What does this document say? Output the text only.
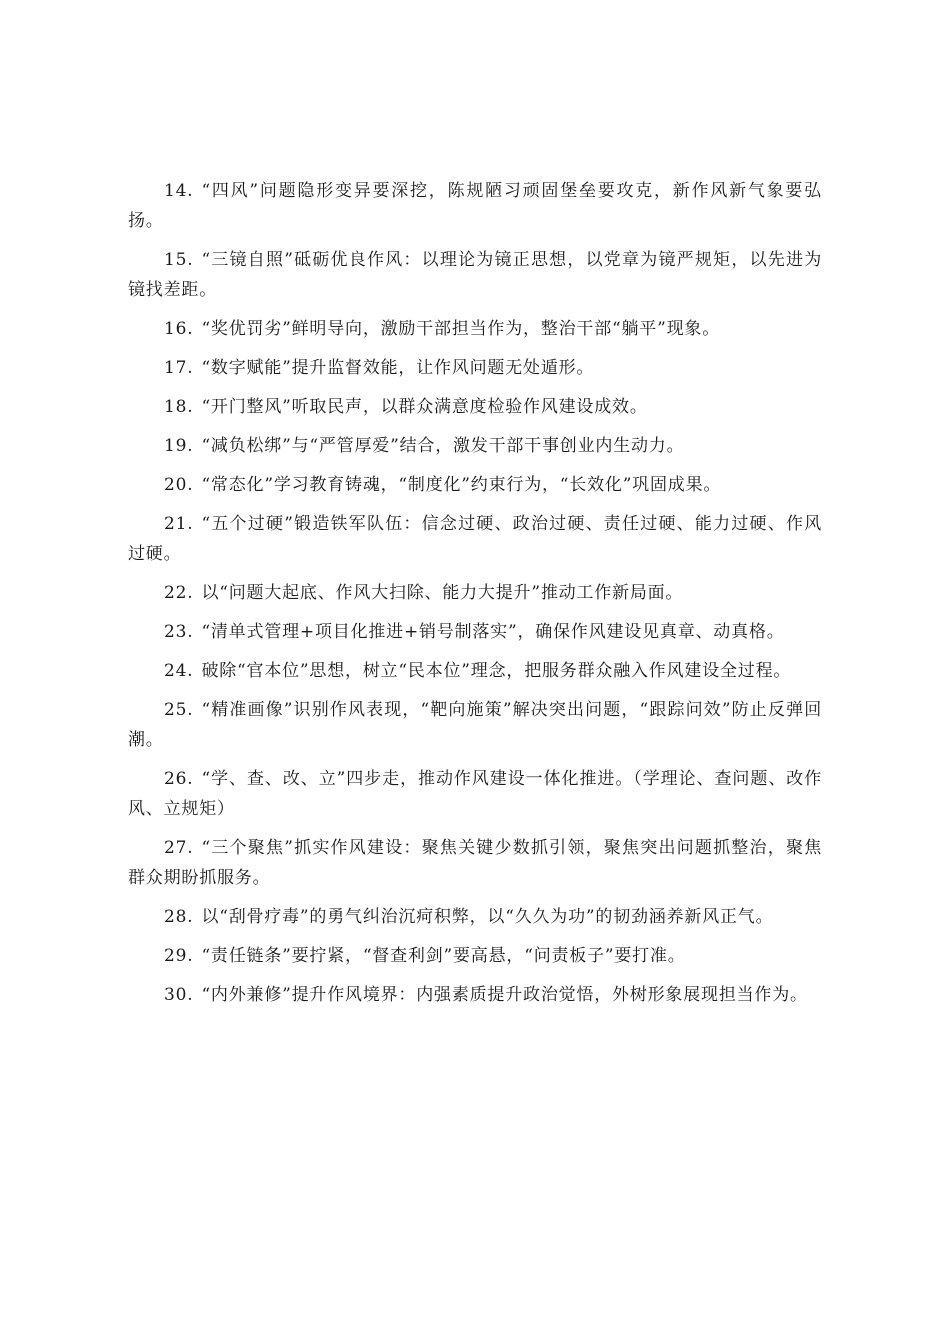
14. “四风”问题隐形变异要深挖，陈规陋习顽固堡垒要攻克，新作风新气象要弘扬。

15. “三镜自照”砥砺优良作风：以理论为镜正思想，以党章为镜严规矩，以先进为镜找差距。

16. “奖优罚劣”鲜明导向，激励干部担当作为，整治干部“躺平”现象。

17. “数字赋能”提升监督效能，让作风问题无处遁形。

18. “开门整风”听取民声，以群众满意度检验作风建设成效。

19. “减负松绑”与“严管厚爱”结合，激发干部干事创业内生动力。

20. “常态化”学习教育铸魂，“制度化”约束行为，“长效化”巩固成果。

21. “五个过硬”锻造铁军队伍：信念过硬、政治过硬、责任过硬、能力过硬、作风过硬。

22. 以“问题大起底、作风大扫除、能力大提升”推动工作新局面。

23. “清单式管理+项目化推进+销号制落实”，确保作风建设见真章、动真格。

24. 破除“官本位”思想，树立“民本位”理念，把服务群众融入作风建设全过程。

25. “精准画像”识别作风表现，“靶向施策”解决突出问题，“跟踪问效”防止反弹回潮。

26. “学、查、改、立”四步走，推动作风建设一体化推进。（学理论、查问题、改作风、立规矩）

27. “三个聚焦”抓实作风建设：聚焦关键少数抓引领，聚焦突出问题抓整治，聚焦群众期盼抓服务。

28. 以“刮骨疗毒”的勇气纠治沉疴积弊，以“久久为功”的韧劲涵养新风正气。

29. “责任链条”要拧紧，“督查利剑”要高悬，“问责板子”要打准。

30. “内外兼修”提升作风境界：内强素质提升政治觉悟，外树形象展现担当作为。
